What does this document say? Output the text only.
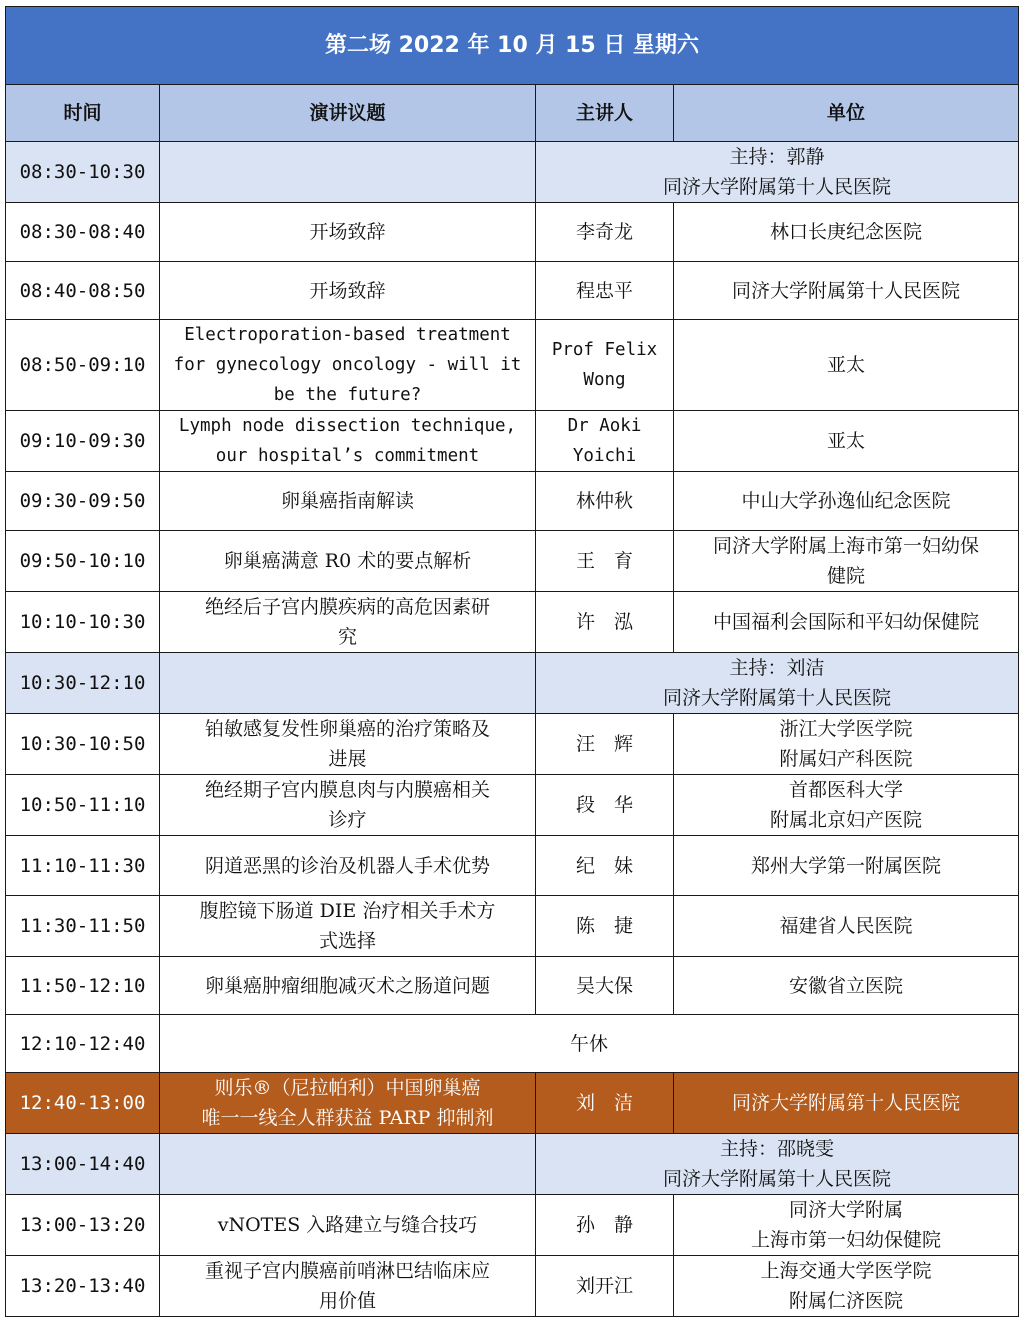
第二场 2022 年 10 月 15 日 星期六			
时间	演讲议题	主讲人	单位
08:30-10:30		主持：郭静
同济大学附属第十人民医院	

08:30-08:40	开场致辞	李奇龙	林口长庚纪念医院

08:40-08:50	开场致辞	程忠平	同济大学附属第十人民医院

08:50-09:10	Electroporation-based treatment
for gynecology oncology - will it
be the future?	Prof Felix
Wong	亚太

09:10-09:30	Lymph node dissection technique,
our hospital’s commitment	Dr Aoki
Yoichi	亚太

09:30-09:50	卵巢癌指南解读	林仲秋	中山大学孙逸仙纪念医院

09:50-10:10	卵巢癌满意 R0 术的要点解析	王　育	同济大学附属上海市第一妇幼保
健院

10:10-10:30	绝经后子宫内膜疾病的高危因素研
究	许　泓	中国福利会国际和平妇幼保健院

10:30-12:10		主持：刘洁
同济大学附属第十人民医院	

10:30-10:50	铂敏感复发性卵巢癌的治疗策略及
进展	汪　辉	浙江大学医学院
附属妇产科医院

10:50-11:10	绝经期子宫内膜息肉与内膜癌相关
诊疗	段　华	首都医科大学
附属北京妇产医院

11:10-11:30	阴道恶黑的诊治及机器人手术优势	纪　妹	郑州大学第一附属医院

11:30-11:50	腹腔镜下肠道 DIE 治疗相关手术方
式选择	陈　捷	福建省人民医院

11:50-12:10	卵巢癌肿瘤细胞减灭术之肠道问题	吴大保	安徽省立医院

12:10-12:40	午休		
12:40-13:00	则乐®（尼拉帕利）中国卵巢癌
唯一一线全人群获益 PARP 抑制剂	刘　洁	同济大学附属第十人民医院

13:00-14:40		主持：邵晓雯
同济大学附属第十人民医院	

13:00-13:20	vNOTES 入路建立与缝合技巧	孙　静	同济大学附属
上海市第一妇幼保健院

13:20-13:40	重视子宫内膜癌前哨淋巴结临床应
用价值	刘开江	上海交通大学医学院
附属仁济医院
